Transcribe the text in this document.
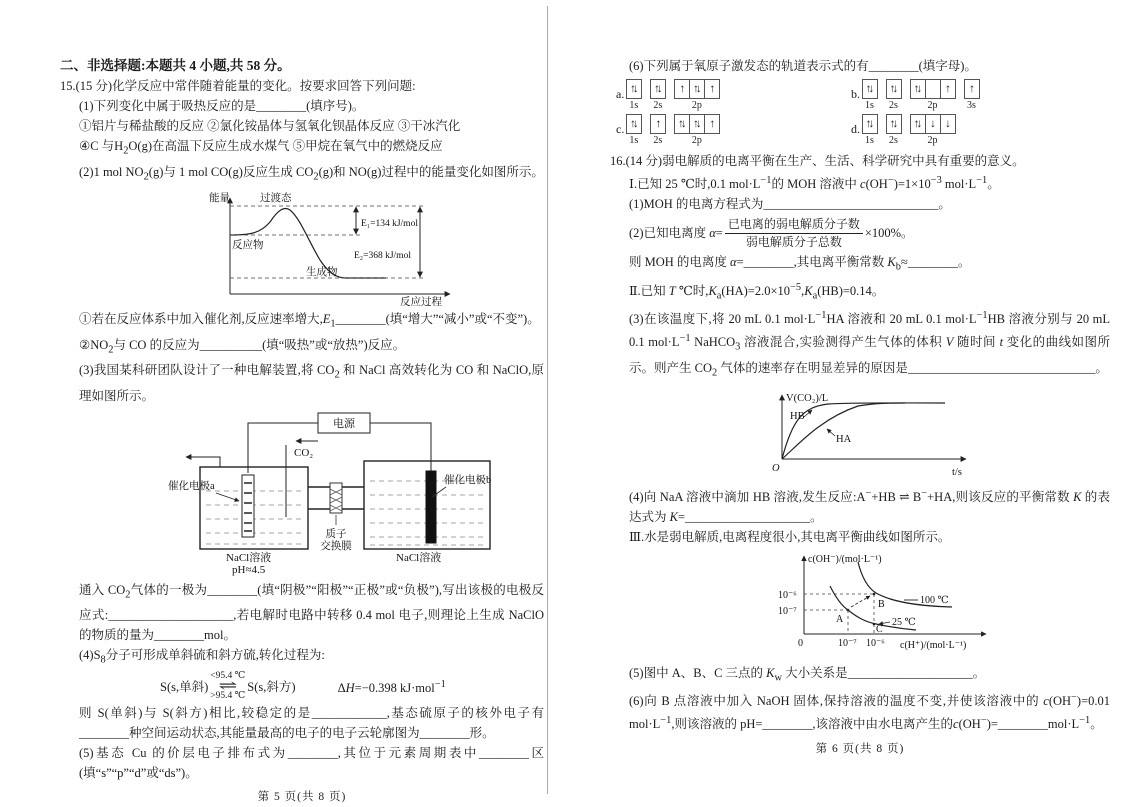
二、非选择题:本题共 4 小题,共 58 分。

15.(15 分)化学反应中常伴随着能量的变化。按要求回答下列问题:

(1)下列变化中属于吸热反应的是________(填序号)。

①铝片与稀盐酸的反应 ②氯化铵晶体与氢氧化钡晶体反应 ③干冰汽化

④C 与$H_2O(g)$在高温下反应生成水煤气 ⑤甲烷在氧气中的燃烧反应

(2)1 mol $NO_2(g)$与 1 mol CO(g)反应生成 $CO_2(g)$和 NO(g)过程中的能量变化如图所示。

能量
反应过程
E₁=134 kJ/mol
E₂=368 kJ/mol
过渡态
反应物
生成物

①若在反应体系中加入催化剂,反应速率增大$,E_1\_\_\_\_\_\_\_\_$(填“增大”“减小”或“不变”)。

$②NO_2$与 CO 的反应为__________(填“吸热”或“放热”)反应。

(3)我国某科研团队设计了一种电解装置,将 $CO_2$ 和 NaCl 高效转化为 CO 和 NaClO,原理如图所示。

电源
质子
交换膜
CO₂
催化电极a
催化电极b
NaCl溶液
pH≈4.5
NaCl溶液

通入 $CO_2$气体的一极为________(填“阴极”“阳极”“正极”或“负极”),写出该极的电极反应式:____________________,若电解时电路中转移 0.4 mol 电子,则理论上生成 NaClO 的物质的量为________mol。

$(4)S_8$分子可形成单斜硫和斜方硫,转化过程为:

S(s,单斜)
<95.4 ℃
⇌
>95.4 ℃
S(s,斜方)	ΔH=−0.398 kJ·mol$^{-1}$

则 S(单斜)与 S(斜方)相比,较稳定的是____________,基态硫原子的核外电子有________种空间运动状态,其能量最高的电子的电子云轮廓图为________形。

(5)基态 Cu 的价层电子排布式为________,其位于元素周期表中________区(填“s”“p”“d”或“ds”)。

第 5 页(共 8 页)

(6)下列属于氧原子激发态的轨道表示式的有________(填字母)。

a. ↑↓
1s
↑↓
2s
↑ ↑↓ ↑
2p
b. ↑↓
1s
↑↓
2s
↑↓	↑
2p
↑
3s
c. ↑↓
1s
↑
2s
↑↓ ↑↓ ↑
2p
d. ↑↓
1s
↑↓
2s
↑↓ ↓	↓
2p

16.(14 分)弱电解质的电离平衡在生产、生活、科学研究中具有重要的意义。

Ⅰ.已知 25 ℃时,0.1 $mol\cdot L^{-1}$的 MOH 溶液中 $c(OH^-)=1\times 10^{-3}$ $mol\cdot L^{-1}$。

(1)MOH 的电离方程式为____________________________。

(2)已知电离度 $\alpha= \frac{\text{已电离的弱电解质分子数}}{\text{弱电解质分子总数}} \times 100\%$。

则 MOH 的电离度 α=________,其电离平衡常数 $K_b\approx\_\_\_\_\_\_\_\_$。

Ⅱ.已知 T ℃时$,K_a(HA)=2.0\times 10^{-5},K_a(HB)=0.14$。

(3)在该温度下,将 20 mL 0.1 $mol\cdot L^{-1}HA$ 溶液和 20 mL 0.1 $mol\cdot L^{-1}HB$ 溶液分别与 20 mL 0.1 $mol\cdot L^{-1}$ NaHCO$_3$ 溶液混合,实验测得产生气体的体积 V 随时间 t 变化的曲线如图所示。则产生 $CO_2$ 气体的速率存在明显差异的原因是______________________________。

V(CO₂)/L
t/s
O
HB
HA

(4)向 NaA 溶液中滴加 HB 溶液,发生反应:A−+HB ⇌ B−+HA,则该反应的平衡常数 K 的表达式为 K=____________________。

Ⅲ.水是弱电解质,电离程度很小,其电离平衡曲线如图所示。

c(OH⁻)/(mol·L⁻¹)
c(H⁺)/(mol·L⁻¹)
0	10⁻⁷ 10⁻⁶
10⁻⁶
10⁻⁷
100 ℃
25 ℃
A
B
C

(5)图中 A、B、C 三点的 $K_w$ 大小关系是____________________。

(6)向 B 点溶液中加入 NaOH 固体,保持溶液的温度不变,并使该溶液中的 c(OH−)=0.01 $mol\cdot L^{-1}$,则该溶液的 pH=________,该溶液中由水电离产生的$c(OH^-)=\_\_\_\_\_\_\_\_mol\cdot L^{-1}$。

第 6 页(共 8 页)
